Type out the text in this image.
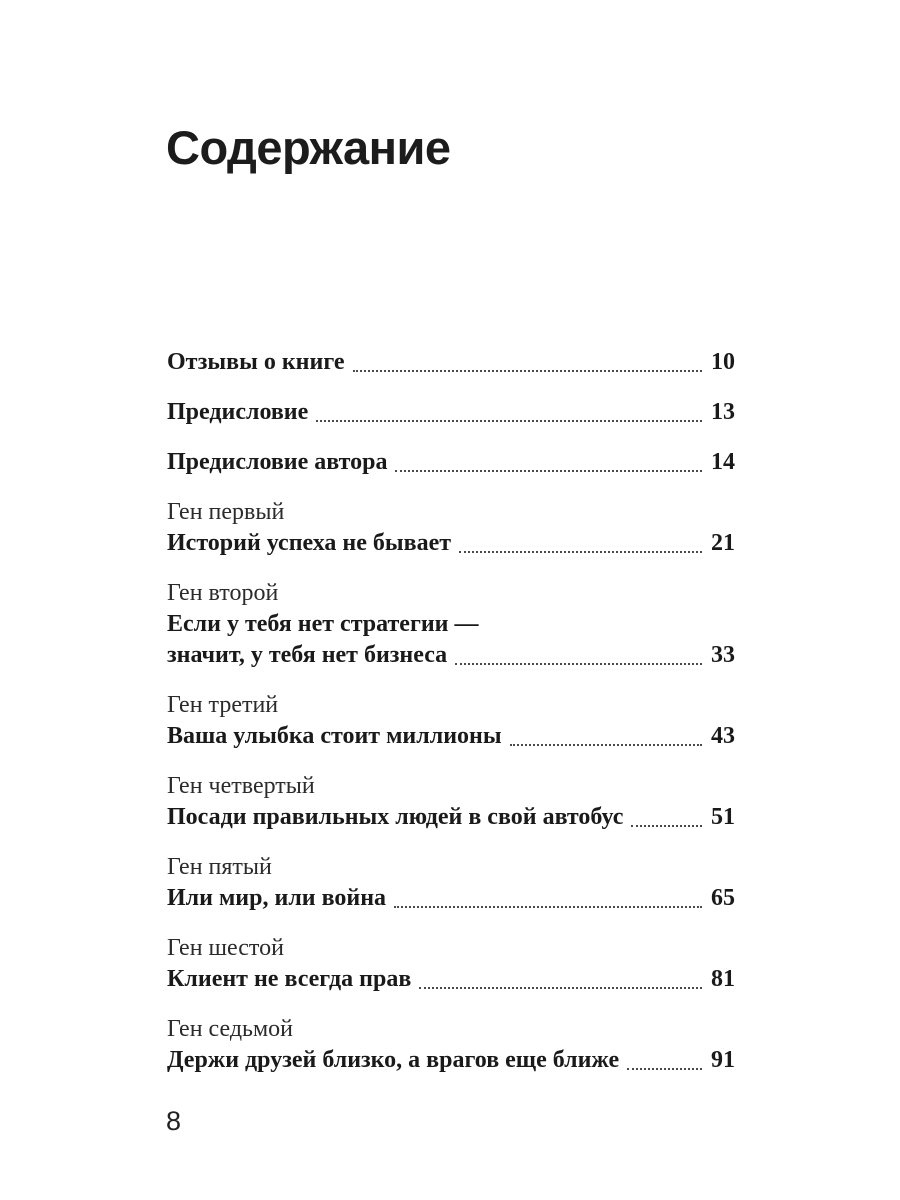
Содержание
Отзывы о книге	10
Предисловие	13
Предисловие автора	14
Ген первый
Историй успеха не бывает	21
Ген второй
Если у тебя нет стратегии —
значит, у тебя нет бизнеса	33
Ген третий
Ваша улыбка стоит миллионы	43
Ген четвертый
Посади правильных людей в свой автобус	51
Ген пятый
Или мир, или война	65
Ген шестой
Клиент не всегда прав	81
Ген седьмой
Держи друзей близко, а врагов еще ближе	91
8
